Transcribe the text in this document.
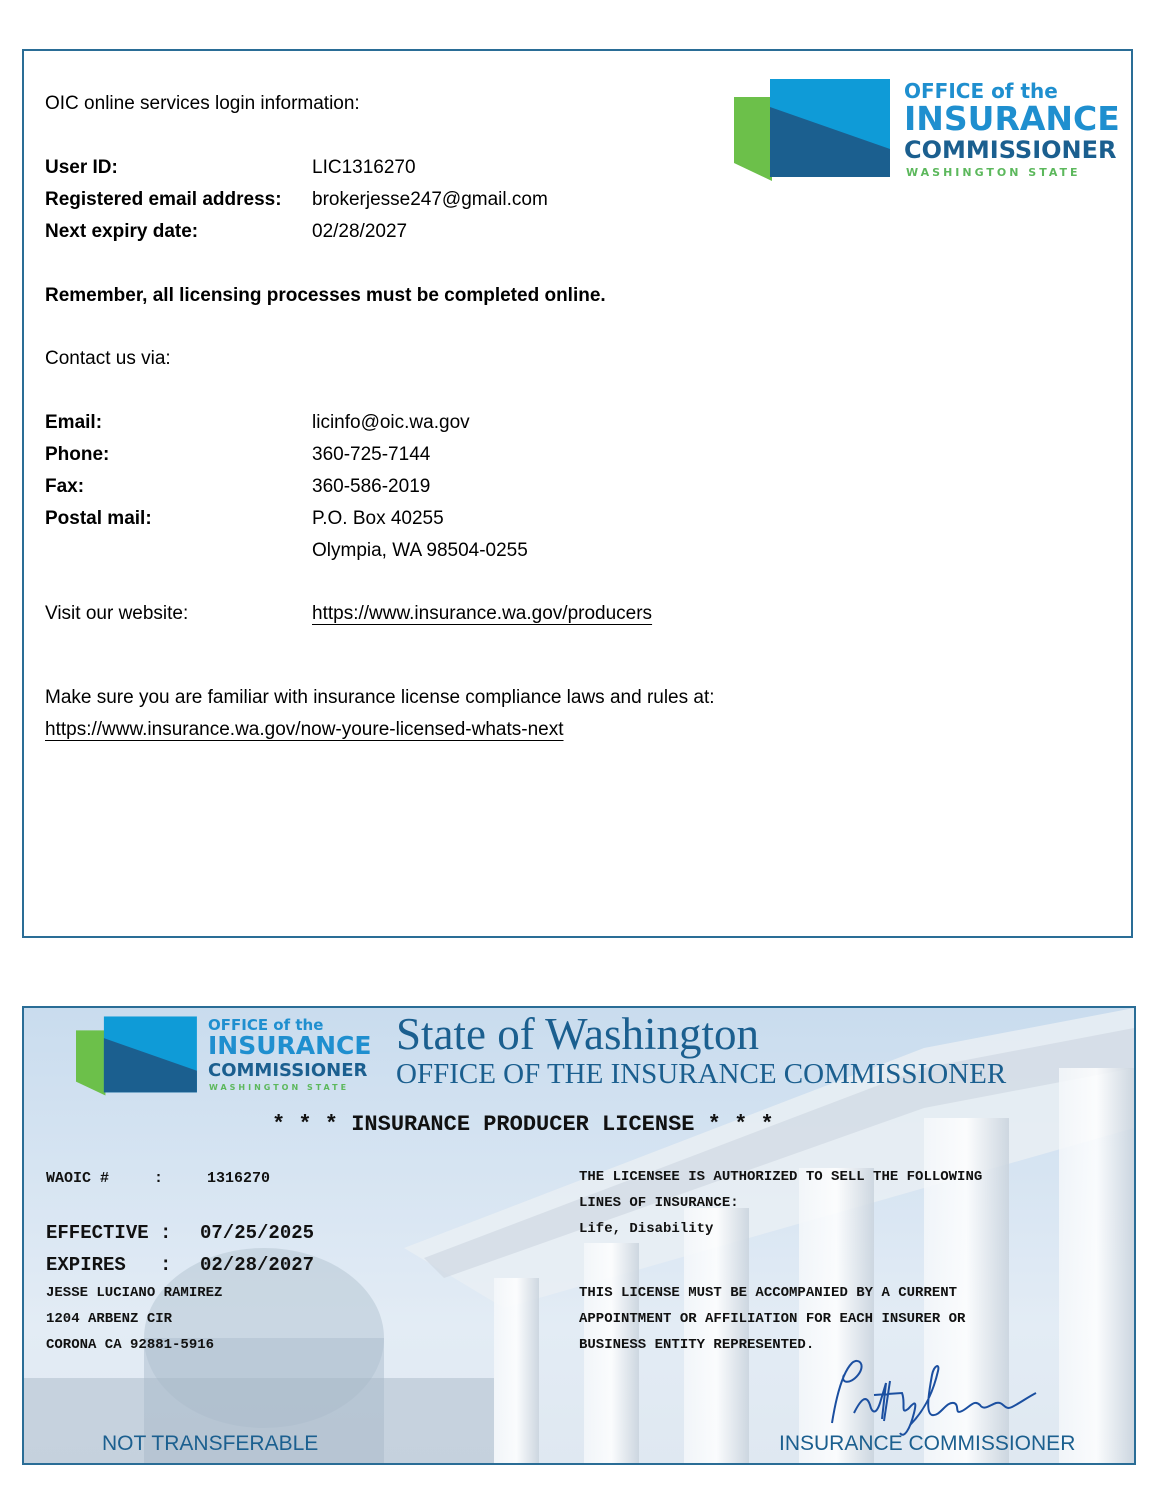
OFFICE of the
INSURANCE
COMMISSIONER
WASHINGTON STATE
OIC online services login information:
User ID:	LIC1316270
Registered email address: brokerjesse247@gmail.com
Next expiry date:	02/28/2027
Remember, all licensing processes must be completed online.
Contact us via:
Email:	licinfo@oic.wa.gov
Phone:	360-725-7144
Fax:	360-586-2019
Postal mail:	P.O. Box 40255
Olympia, WA 98504-0255
Visit our website:	https://www.insurance.wa.gov/producers
Make sure you are familiar with insurance license compliance laws and rules at:
https://www.insurance.wa.gov/now-youre-licensed-whats-next
OFFICE of the
INSURANCE
COMMISSIONER
WASHINGTON STATE
State of Washington
OFFICE OF THE INSURANCE COMMISSIONER
* * * INSURANCE PRODUCER LICENSE * * *
WAOIC #     :	1316270
EFFECTIVE : 07/25/2025
EXPIRES   : 02/28/2027
JESSE LUCIANO RAMIREZ
1204 ARBENZ CIR
CORONA CA 92881-5916
THE LICENSEE IS AUTHORIZED TO SELL THE FOLLOWING
LINES OF INSURANCE:
Life, Disability
THIS LICENSE MUST BE ACCOMPANIED BY A CURRENT
APPOINTMENT OR AFFILIATION FOR EACH INSURER OR
BUSINESS ENTITY REPRESENTED.
NOT TRANSFERABLE	INSURANCE COMMISSIONER
